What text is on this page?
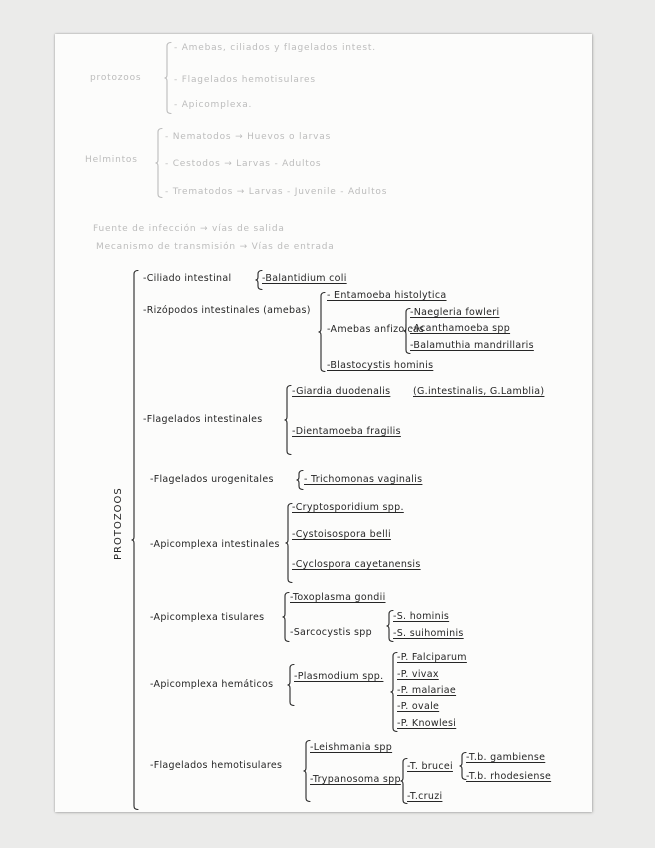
protozoos
- Amebas, ciliados y flagelados intest.
- Flagelados hemotisulares
- Apicomplexa.
Helmintos
- Nematodos → Huevos o larvas
- Cestodos → Larvas - Adultos
- Trematodos → Larvas - Juvenile - Adultos
Fuente de infección → vías de salida
Mecanismo de transmisión → Vías de entrada
PROTOZOOS
-Ciliado intestinal	-Balantidium coli
-Rizópodos intestinales (amebas)
- Entamoeba histolytica
-Amebas anfizoicas
-Naegleria fowleri
-Acanthamoeba spp
-Balamuthia mandrillaris
-Blastocystis hominis
-Flagelados intestinales
-Giardia duodenalis (G.intestinalis, G.Lamblia)
-Dientamoeba fragilis
-Flagelados urogenitales	- Trichomonas vaginalis
-Apicomplexa intestinales
-Cryptosporidium spp.
-Cystoisospora belli
-Cyclospora cayetanensis
-Apicomplexa tisulares
-Toxoplasma gondii
-Sarcocystis spp
-S. hominis
-S. suihominis
-Apicomplexa hemáticos
-Plasmodium spp.
-P. Falciparum
-P. vivax
-P. malariae
-P. ovale
-P. Knowlesi
-Flagelados hemotisulares
-Leishmania spp
-Trypanosoma spp
-T. brucei
-T.b. gambiense
-T.b. rhodesiense
-T.cruzi
